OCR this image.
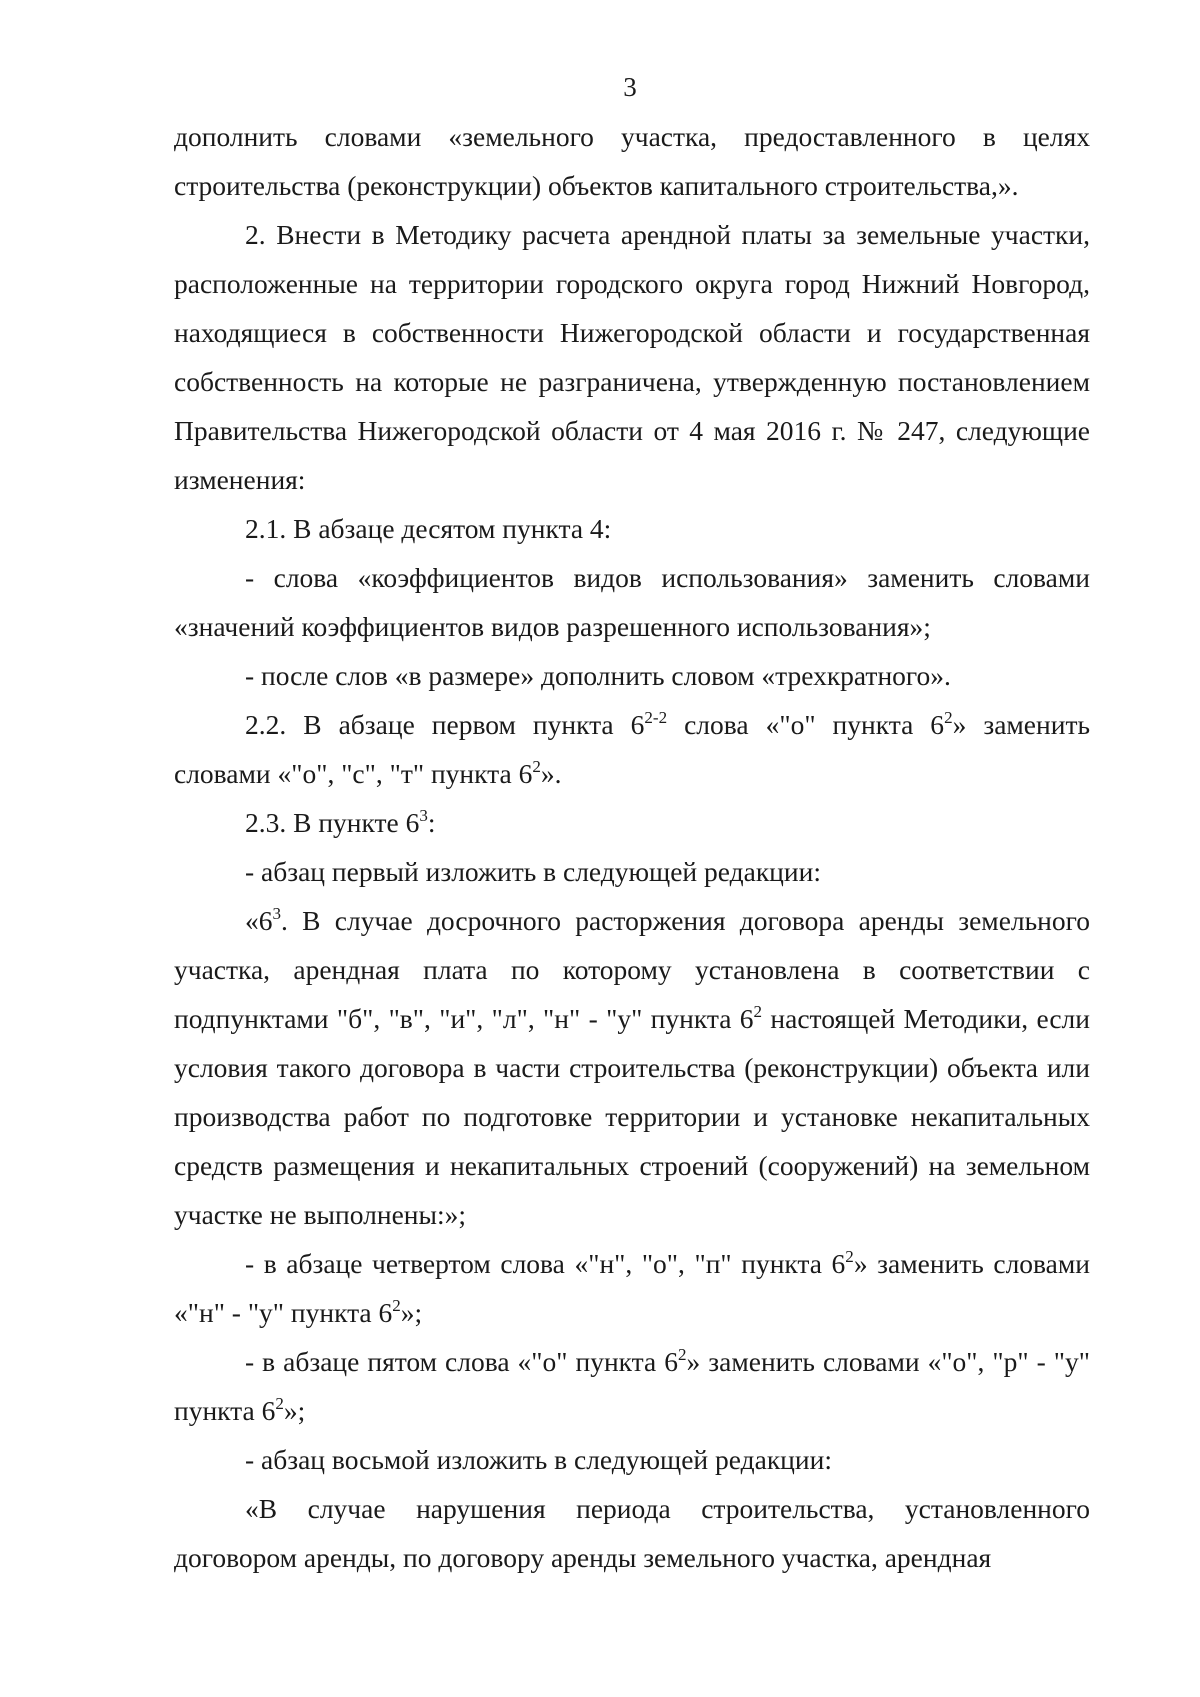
3

дополнить словами «земельного участка, предоставленного в целях строительства (реконструкции) объектов капитального строительства,».

2. Внести в Методику расчета арендной платы за земельные участки, расположенные на территории городского округа город Нижний Новгород, находящиеся в собственности Нижегородской области и государственная собственность на которые не разграничена, утвержденную постановлением Правительства Нижегородской области от 4 мая 2016 г. № 247, следующие изменения:

2.1. В абзаце десятом пункта 4:

- слова «коэффициентов видов использования» заменить словами «значений коэффициентов видов разрешенного использования»;

- после слов «в размере» дополнить словом «трехкратного».

2.2. В абзаце первом пункта 6$^{2-2}$ слова «"о" пункта $6^2$» заменить словами «"о", "с", "т" пункта $6^2$».

2.3. В пункте $6^3$:

- абзац первый изложить в следующей редакции:

«$6^3$. В случае досрочного расторжения договора аренды земельного участка, арендная плата по которому установлена в соответствии с подпунктами "б", "в", "и", "л", "н" - "у" пункта $6^2$ настоящей Методики, если условия такого договора в части строительства (реконструкции) объекта или производства работ по подготовке территории и установке некапитальных средств размещения и некапитальных строений (сооружений) на земельном участке не выполнены:»;

- в абзаце четвертом слова «"н", "о", "п" пункта $6^2$» заменить словами «"н" - "у" пункта $6^2$»;

- в абзаце пятом слова «"о" пункта $6^2$» заменить словами «"о", "р" - "у" пункта $6^2$»;

- абзац восьмой изложить в следующей редакции:

«В случае нарушения периода строительства, установленного договором аренды, по договору аренды земельного участка, арендная
